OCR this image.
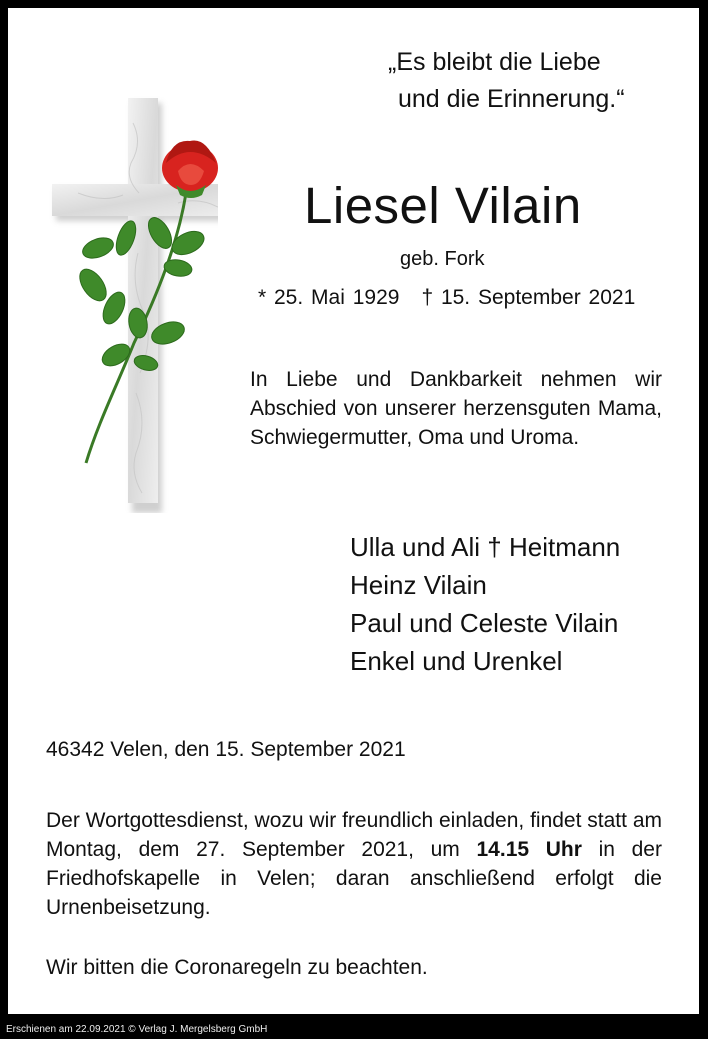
„Es bleibt die Liebe
und die Erinnerung.“
Liesel Vilain
geb. Fork
* 25. Mai 1929 † 15. September 2021
In Liebe und Dankbarkeit nehmen wir Abschied von unserer herzensguten Mama, Schwiegermutter, Oma und Uroma.
Ulla und Ali † Heitmann
Heinz Vilain
Paul und Celeste Vilain
Enkel und Urenkel
46342 Velen, den 15. September 2021
Der Wortgottesdienst, wozu wir freundlich einladen, findet statt am Montag, dem 27. September 2021, um 14.15 Uhr in der Friedhofskapelle in Velen; daran anschließend erfolgt die Urnenbeisetzung.
Wir bitten die Coronaregeln zu beachten.
Erschienen am 22.09.2021 © Verlag J. Mergelsberg GmbH
